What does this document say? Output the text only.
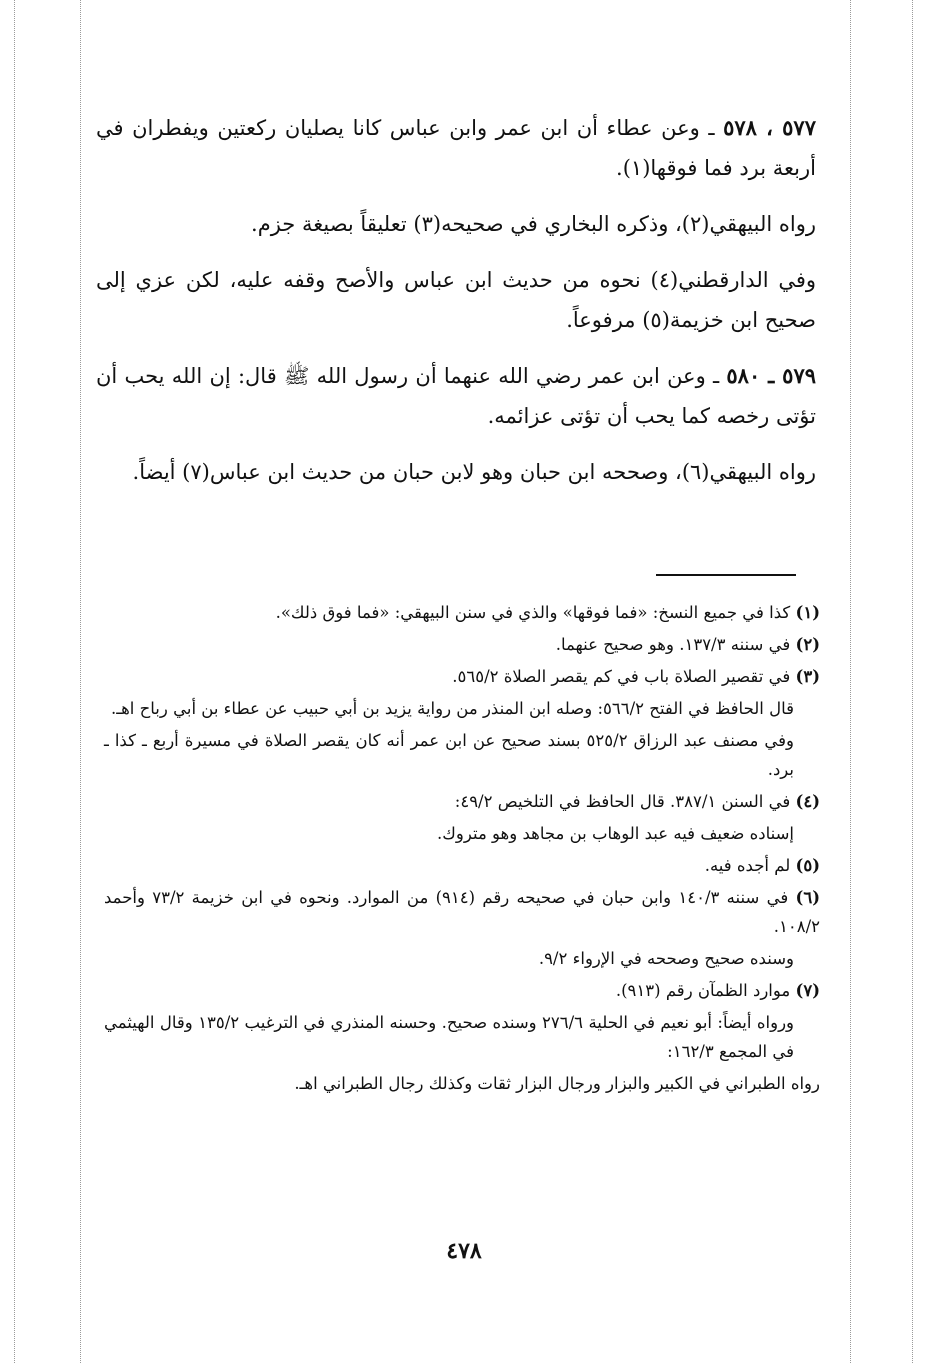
٥٧٧ ، ٥٧٨ ـ وعن عطاء أن ابن عمر وابن عباس كانا يصليان ركعتين ويفطران في أربعة برد فما فوقها(١).

رواه البيهقي(٢)، وذكره البخاري في صحيحه(٣) تعليقاً بصيغة جزم.

وفي الدارقطني(٤) نحوه من حديث ابن عباس والأصح وقفه عليه، لكن عزي إلى صحيح ابن خزيمة(٥) مرفوعاً.

٥٧٩ ـ ٥٨٠ ـ وعن ابن عمر رضي الله عنهما أن رسول الله ﷺ قال: إن الله يحب أن تؤتى رخصه كما يحب أن تؤتى عزائمه.

رواه البيهقي(٦)، وصححه ابن حبان وهو لابن حبان من حديث ابن عباس(٧) أيضاً.

(١) كذا في جميع النسخ: «فما فوقها» والذي في سنن البيهقي: «فما فوق ذلك».

(٢) في سننه ١٣٧/٣. وهو صحيح عنهما.

(٣) في تقصير الصلاة باب في كم يقصر الصلاة ٥٦٥/٢.

قال الحافظ في الفتح ٥٦٦/٢: وصله ابن المنذر من رواية يزيد بن أبي حبيب عن عطاء بن أبي رباح اهـ.

وفي مصنف عبد الرزاق ٥٢٥/٢ بسند صحيح عن ابن عمر أنه كان يقصر الصلاة في مسيرة أربع ـ كذا ـ برد.

(٤) في السنن ٣٨٧/١. قال الحافظ في التلخيص ٤٩/٢:

إسناده ضعيف فيه عبد الوهاب بن مجاهد وهو متروك.

(٥) لم أجده فيه.

(٦) في سننه ١٤٠/٣ وابن حبان في صحيحه رقم (٩١٤) من الموارد. ونحوه في ابن خزيمة ٧٣/٢ وأحمد ١٠٨/٢.

وسنده صحيح وصححه في الإرواء ٩/٢.

(٧) موارد الظمآن رقم (٩١٣).

ورواه أيضاً: أبو نعيم في الحلية ٢٧٦/٦ وسنده صحيح. وحسنه المنذري في الترغيب ١٣٥/٢ وقال الهيثمي في المجمع ١٦٢/٣:

رواه الطبراني في الكبير والبزار ورجال البزار ثقات وكذلك رجال الطبراني اهـ.

٤٧٨
